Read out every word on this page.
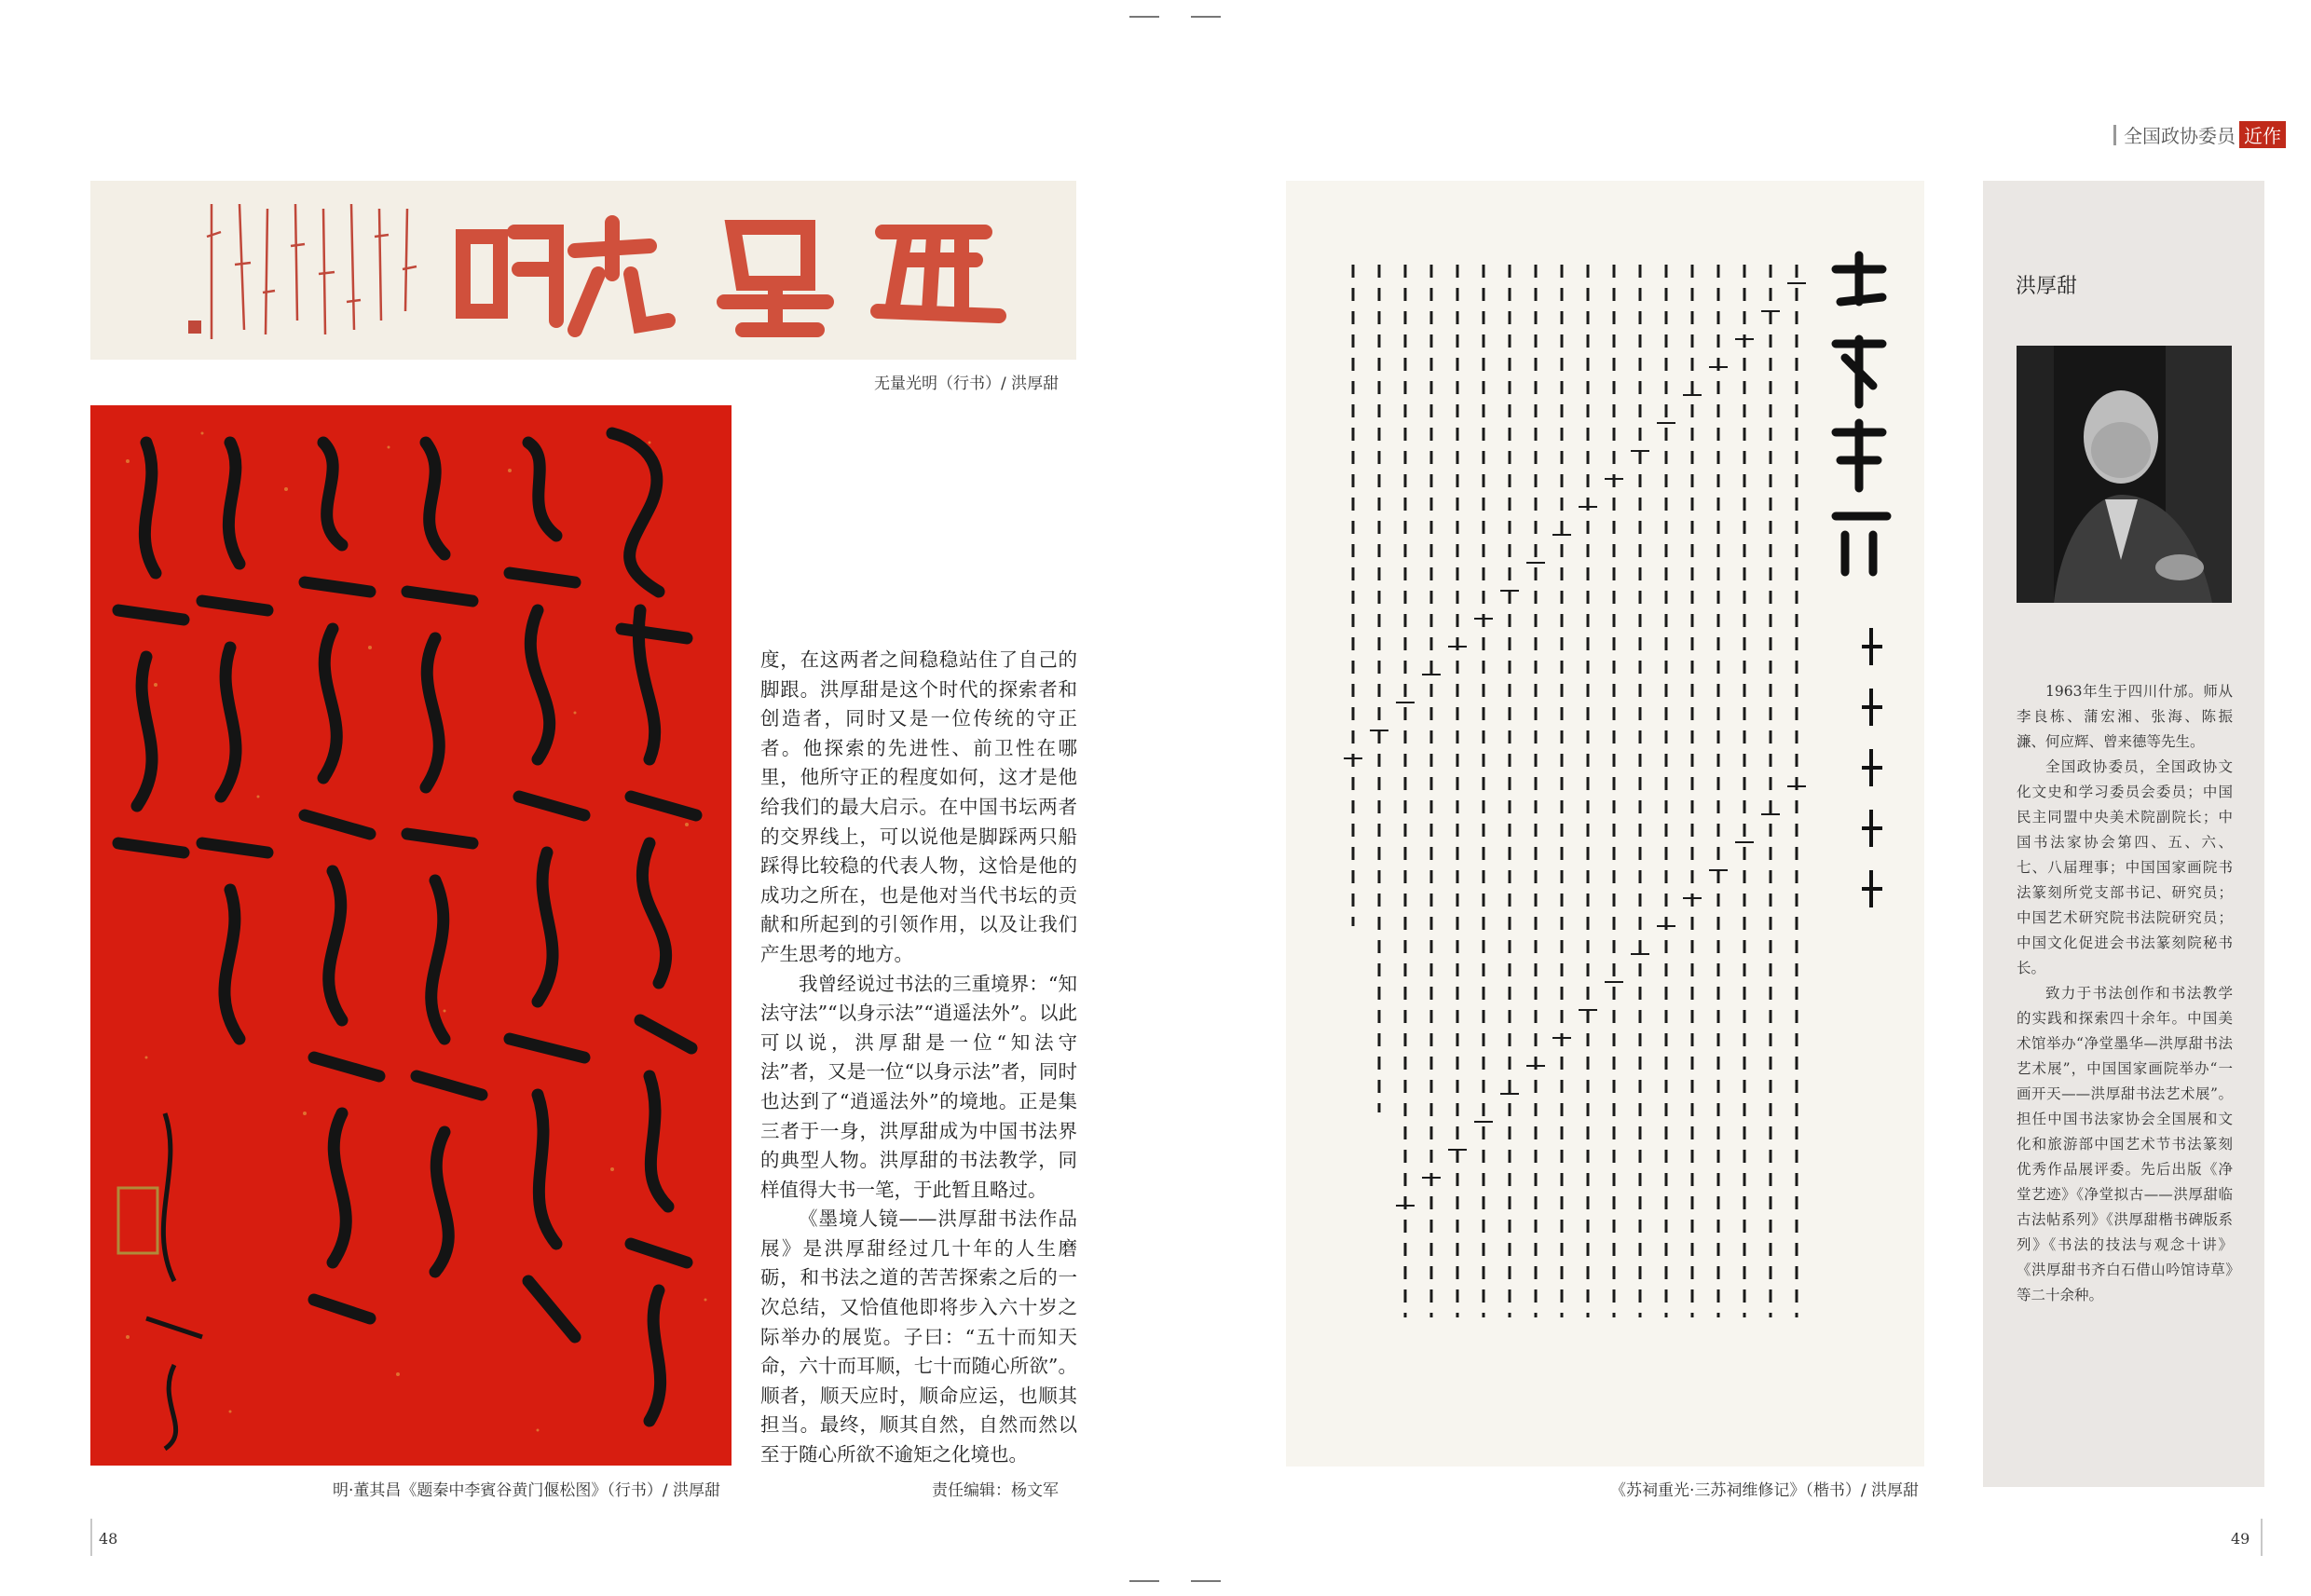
全国政协委员 近作
无量光明（行书）/ 洪厚甜
明·董其昌《题秦中李賓谷黄门偃松图》（行书）/ 洪厚甜

度，在这两者之间稳稳站住了自己的脚跟。洪厚甜是这个时代的探索者和创造者，同时又是一位传统的守正者。他探索的先进性、前卫性在哪里，他所守正的程度如何，这才是他给我们的最大启示。在中国书坛两者的交界线上，可以说他是脚踩两只船踩得比较稳的代表人物，这恰是他的成功之所在，也是他对当代书坛的贡献和所起到的引领作用，以及让我们产生思考的地方。

我曾经说过书法的三重境界：“知法守法”“以身示法”“逍遥法外”。以此可以说，洪厚甜是一位“知法守法”者，又是一位“以身示法”者，同时也达到了“逍遥法外”的境地。正是集三者于一身，洪厚甜成为中国书法界的典型人物。洪厚甜的书法教学，同样值得大书一笔，于此暂且略过。

《墨境人镜——洪厚甜书法作品展》是洪厚甜经过几十年的人生磨砺，和书法之道的苦苦探索之后的一次总结，又恰值他即将步入六十岁之际举办的展览。子曰：“五十而知天命，六十而耳顺，七十而随心所欲”。顺者，顺天应时，顺命应运，也顺其担当。最终，顺其自然，自然而然以至于随心所欲不逾矩之化境也。

责任编辑：杨文军	《苏祠重光·三苏祠维修记》（楷书）/ 洪厚甜
洪厚甜

1963年生于四川什邡。师从李良栋、蒲宏湘、张海、陈振濂、何应辉、曾来德等先生。

全国政协委员，全国政协文化文史和学习委员会委员；中国民主同盟中央美术院副院长；中国书法家协会第四、五、六、七、八届理事；中国国家画院书法篆刻所党支部书记、研究员；中国艺术研究院书法院研究员；中国文化促进会书法篆刻院秘书长。

致力于书法创作和书法教学的实践和探索四十余年。中国美术馆举办“净堂墨华—洪厚甜书法艺术展”，中国国家画院举办“一画开天——洪厚甜书法艺术展”。担任中国书法家协会全国展和文化和旅游部中国艺术节书法篆刻优秀作品展评委。先后出版《净堂艺迹》《净堂拟古——洪厚甜临古法帖系列》《洪厚甜楷书碑版系列》《书法的技法与观念十讲》《洪厚甜书齐白石借山吟馆诗草》等二十余种。

48	49
